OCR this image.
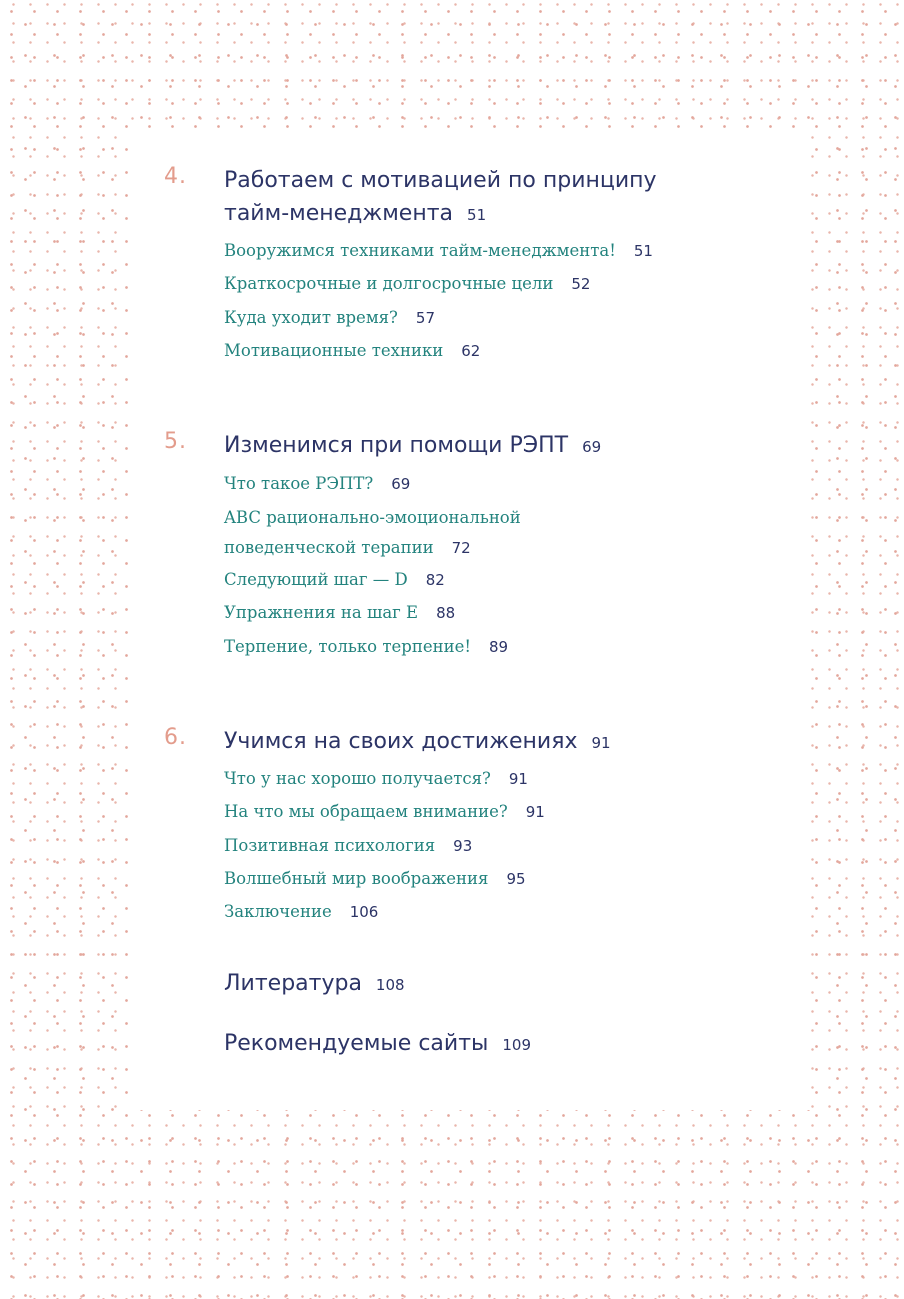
4. Работаем с мотивацией по принципу тайм-менеджмента 51
Вооружимся техниками тайм-менеджмента! 51
Краткосрочные и долгосрочные цели 52
Куда уходит время? 57
Мотивационные техники 62
5. Изменимся при помощи РЭПТ 69
Что такое РЭПТ? 69
ABC рационально-эмоциональной поведенческой терапии 72
Следующий шаг — D 82
Упражнения на шаг E 88
Терпение, только терпение! 89
6. Учимся на своих достижениях 91
Что у нас хорошо получается? 91
На что мы обращаем внимание? 91
Позитивная психология 93
Волшебный мир воображения 95
Заключение 106
Литература 108
Рекомендуемые сайты 109
